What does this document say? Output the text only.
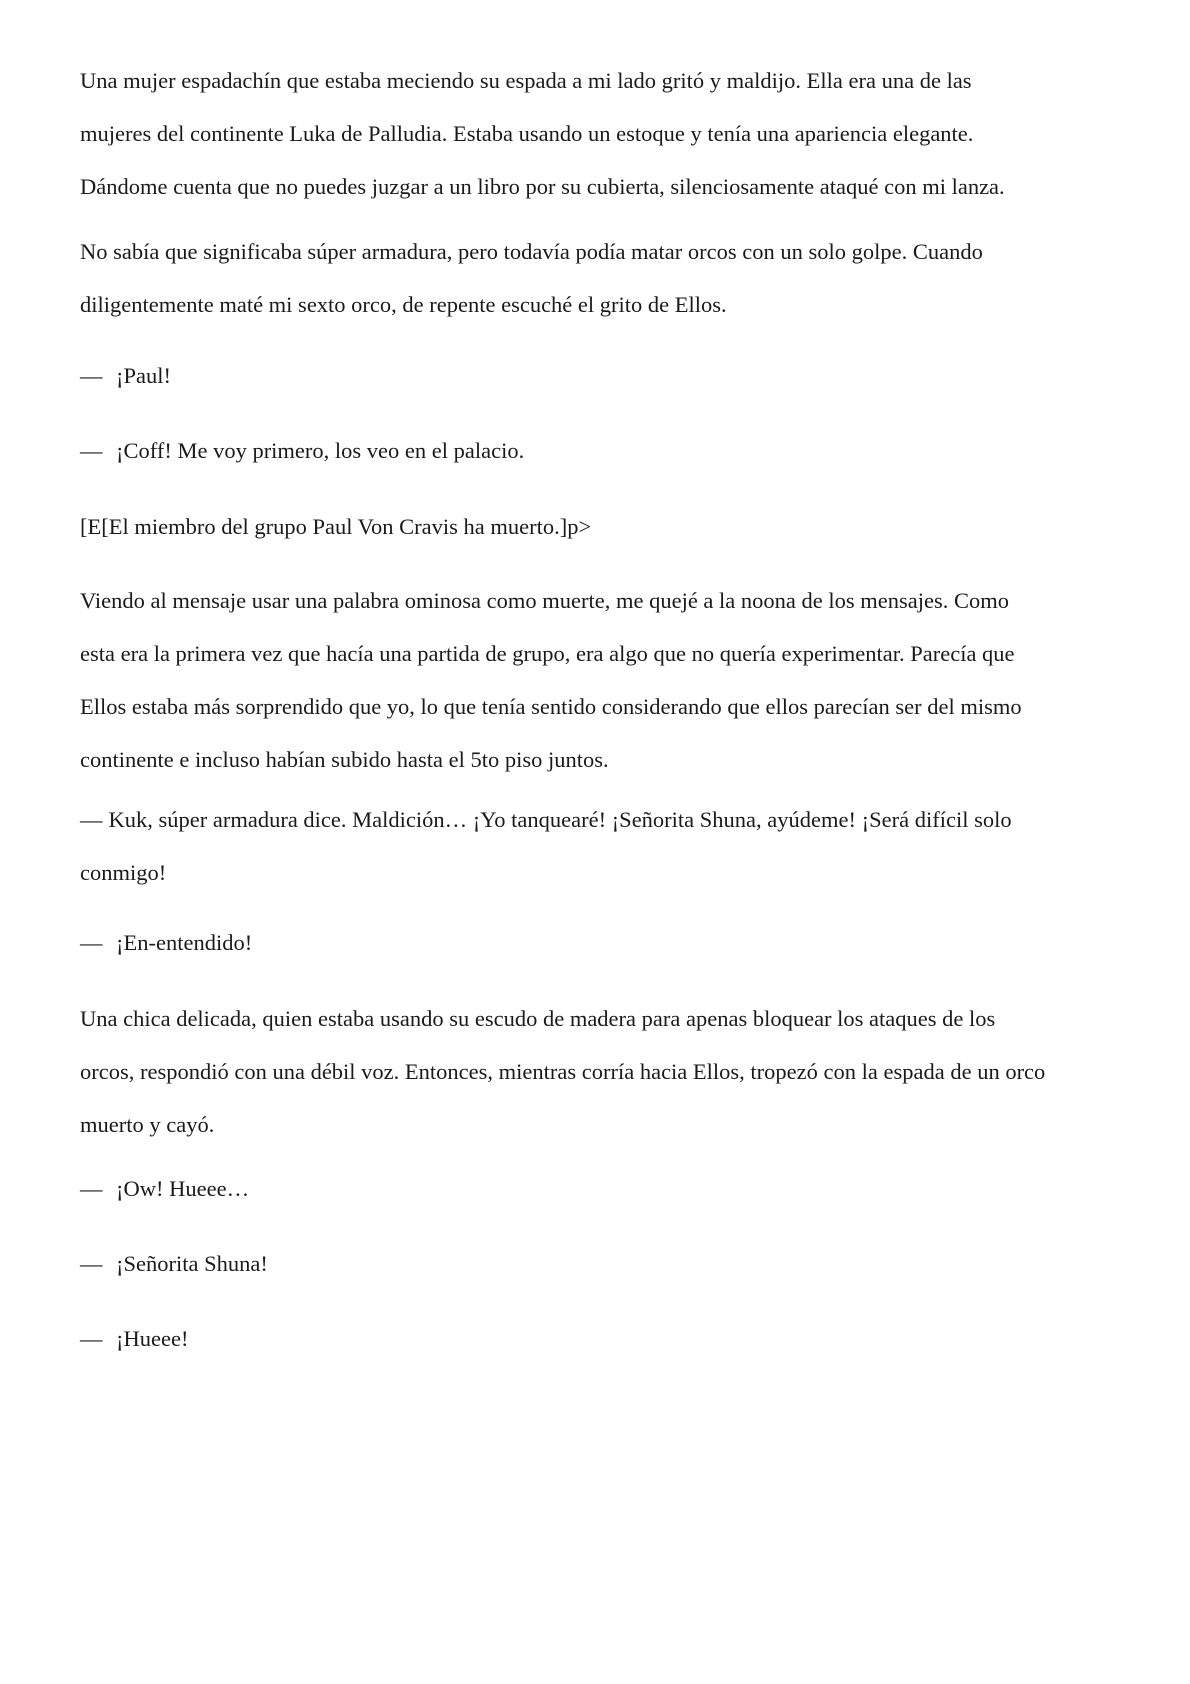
Una mujer espadachín que estaba meciendo su espada a mi lado gritó y maldijo. Ella era una de las
mujeres del continente Luka de Palludia. Estaba usando un estoque y tenía una apariencia elegante.
Dándome cuenta que no puedes juzgar a un libro por su cubierta, silenciosamente ataqué con mi lanza.

No sabía que significaba súper armadura, pero todavía podía matar orcos con un solo golpe. Cuando
diligentemente maté mi sexto orco, de repente escuché el grito de Ellos.

— ¡Paul!

— ¡Coff! Me voy primero, los veo en el palacio.

[E[El miembro del grupo Paul Von Cravis ha muerto.]p>

Viendo al mensaje usar una palabra ominosa como muerte, me quejé a la noona de los mensajes. Como
esta era la primera vez que hacía una partida de grupo, era algo que no quería experimentar. Parecía que
Ellos estaba más sorprendido que yo, lo que tenía sentido considerando que ellos parecían ser del mismo
continente e incluso habían subido hasta el 5to piso juntos.

— Kuk, súper armadura dice. Maldición… ¡Yo tanquearé! ¡Señorita Shuna, ayúdeme! ¡Será difícil solo
conmigo!

— ¡En-entendido!

Una chica delicada, quien estaba usando su escudo de madera para apenas bloquear los ataques de los
orcos, respondió con una débil voz. Entonces, mientras corría hacia Ellos, tropezó con la espada de un orco
muerto y cayó.

— ¡Ow! Hueee…

— ¡Señorita Shuna!

— ¡Hueee!
